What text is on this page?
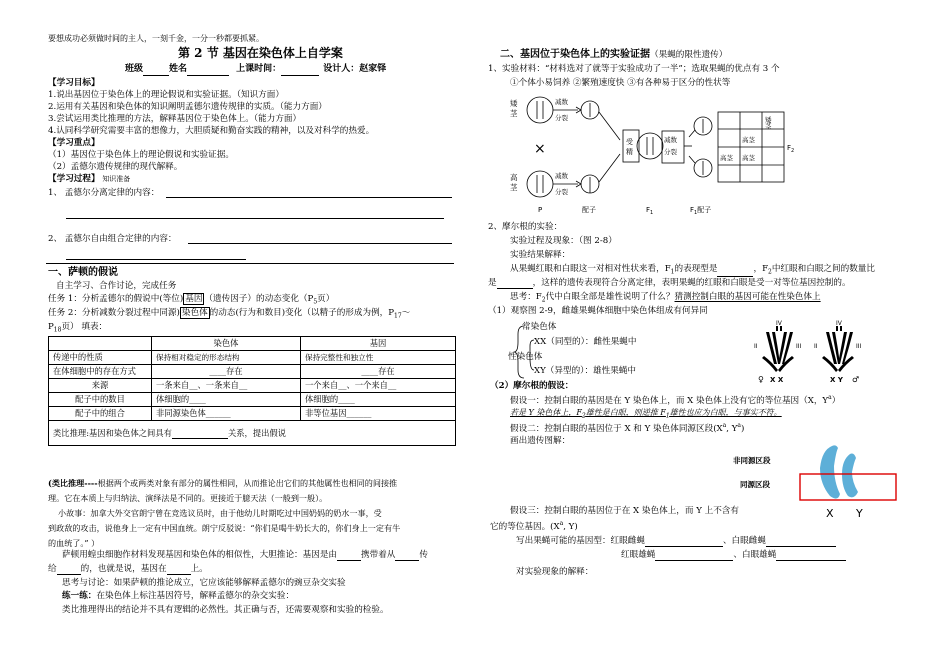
要想成功必须做时间的主人，一刻千金，一分一秒都要抓紧。
第 2 节 基因在染色体上自学案
班级	姓名	上课时间：	设计人：赵家铎
【学习目标】
1.说出基因位于染色体上的理论假说和实验证据。（知识方面）
2.运用有关基因和染色体的知识阐明孟德尔遗传规律的实质。（能力方面）
3.尝试运用类比推理的方法，解释基因位于染色体上。（能力方面）
4.认同科学研究需要丰富的想像力，大胆质疑和勤奋实践的精神，以及对科学的热爱。
【学习重点】
（1）基因位于染色体上的理论假说和实验证据。
（2）孟德尔遗传规律的现代解释。
【学习过程】 知识准备
1、 孟德尔分离定律的内容：
2、 孟德尔自由组合定律的内容：
一、萨顿的假说
自主学习、合作讨论，完成任务
任务 1：分析孟德尔的假说中(等位) 基因 （遗传因子）的动态变化（$P_5$页）
任务 2：分析减数分裂过程中同源) 染色体 的动态(行为和数目)变化（以精子的形成为例，$P_{17}\sim$
$P_{18}$页） 填表：
	染色体	基因
传递中的性质	保持相对稳定的形态结构	保持完整性和独立性
在体细胞中的存在方式	____存在	____存在
来源	一条来自__、一条来自__	一个来自__、一个来自__
配子中的数目	体细胞的____	体细胞的____
配子中的组合	非同源染色体______	非等位基因______
类比推理:基因和染色体之间具有 关系，提出假说		
(类比推理----根据两个或两类对象有部分的属性相同，从而推论出它们的其他属性也相同的间接推
理。它在本质上与归纳法、演绎法是不同的。更接近于臆天法（一般到一般）。
小故事：加拿大外交官朗宁曾在竞选议员时，由于他幼儿时期吃过中国奶妈的奶水一事，受
到政敌的攻击，说他身上一定有中国血统。朗宁反驳说：“你们是喝牛奶长大的，你们身上一定有牛
的血统了。” ）
萨顿用蝗虫细胞作材料发现基因和染色体的相似性，大胆推论：基因是由	携带着从	传
给	的，也就是说，基因在	上。
思考与讨论：如果萨顿的推论成立，它应该能够解释孟德尔的豌豆杂交实验
练一练：在染色体上标注基因符号，解释孟德尔的杂交实验：
类比推理得出的结论并不具有逻辑的必然性。其正确与否，还需要观察和实验的检验。
二、基因位于染色体上的实验证据（果蝇的限性遗传）
1、实验材料：“材料选对了就等于实验成功了一半”；选取果蝇的优点有 3 个
①个体小易饲养 ②繁殖速度快 ③有各种易于区分的性状等
矮
茎
高
茎
减数
分裂
减数
分裂
受
精
减数
分裂
×
P	配子	$F_1$	$F_1$配子
$F_2$
高茎
高茎 高茎
矮
茎
2、摩尔根的实验：
实验过程及现象：（图 2-8）
实验结果解释：
从果蝇红眼和白眼这一对相对性状来看，$F_1$的表现型是	，$F_2$中红眼和白眼之间的数量比
是	，这样的遗传表现符合分离定律，表明果蝇的红眼和白眼是受一对等位基因控制的。
思考：$F_2$代中白眼全部是雄性说明了什么？猜测控制白眼的基因可能在性染色体上
（1）观察图 2-9，雌雄果蝇体细胞中染色体组成有何异同
常染色体
性染色体
XX（同型的）：雌性果蝇中
XY（异型的）：雄性果蝇中
IV	IV
II	III II	III
♀ X X	X Y ♂
（2）摩尔根的假设：
假设一：控制白眼的基因是在 Y 染色体上，而 X 染色体上没有它的等位基因（X，$Y^a$）
若是 Y 染色体上，$F_2$雄性是白眼，则逆推 $F_1$雄性也应为白眼，与事实不符。
假设二：控制白眼的基因位于 X 和 Y 染色体同源区段($X^a$, $Y^a$)
画出遗传图解：
非同源区段
同源区段
X Y
假设三：控制白眼的基因位于在 X 染色体上，而 Y 上不含有
它的等位基因。($X^a$, Y)
写出果蝇可能的基因型：红眼雌蝇	、白眼雌蝇
红眼雄蝇	、白眼雄蝇
对实验现象的解释：
